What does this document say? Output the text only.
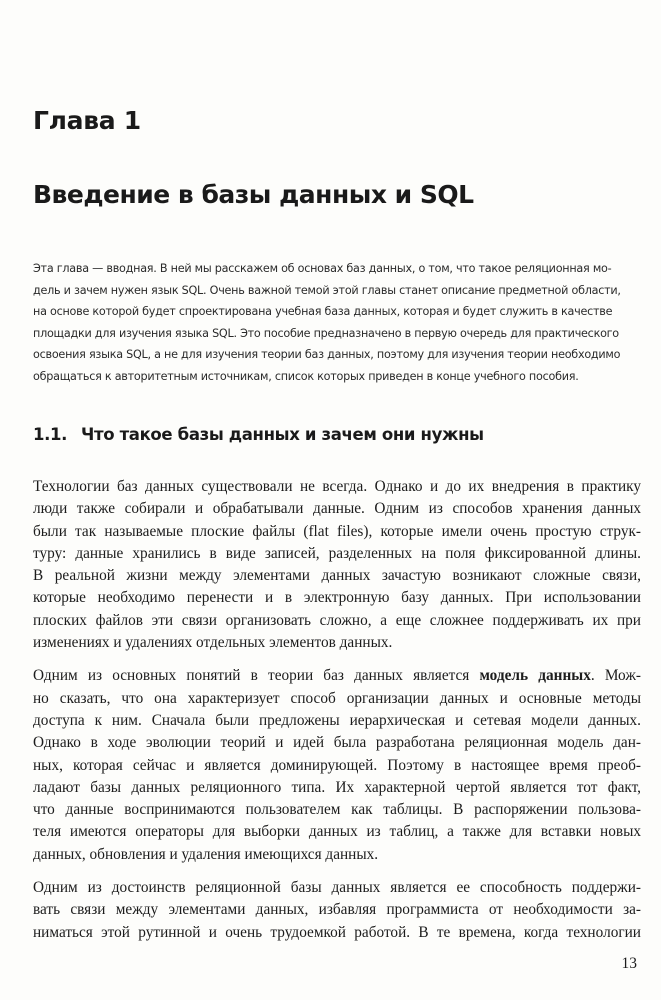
Глава 1
Введение в базы данных и SQL
Эта глава — вводная. В ней мы расскажем об основах баз данных, о том, что такое реляционная мо-
дель и зачем нужен язык SQL. Очень важной темой этой главы станет описание предметной области,
на основе которой будет спроектирована учебная база данных, которая и будет служить в качестве
площадки для изучения языка SQL. Это пособие предназначено в первую очередь для практического
освоения языка SQL, а не для изучения теории баз данных, поэтому для изучения теории необходимо
обращаться к авторитетным источникам, список которых приведен в конце учебного пособия.
1.1. Что такое базы данных и зачем они нужны

Технологии баз данных существовали не всегда. Однако и до их внедрения в практику
люди также собирали и обрабатывали данные. Одним из способов хранения данных
были так называемые плоские файлы (flat files), которые имели очень простую струк-
туру: данные хранились в виде записей, разделенных на поля фиксированной длины.
В реальной жизни между элементами данных зачастую возникают сложные связи,
которые необходимо перенести и в электронную базу данных. При использовании
плоских файлов эти связи организовать сложно, а еще сложнее поддерживать их при
изменениях и удалениях отдельных элементов данных.

Одним из основных понятий в теории баз данных является модель данных. Мож-
но сказать, что она характеризует способ организации данных и основные методы
доступа к ним. Сначала были предложены иерархическая и сетевая модели данных.
Однако в ходе эволюции теорий и идей была разработана реляционная модель дан-
ных, которая сейчас и является доминирующей. Поэтому в настоящее время преоб-
ладают базы данных реляционного типа. Их характерной чертой является тот факт,
что данные воспринимаются пользователем как таблицы. В распоряжении пользова-
теля имеются операторы для выборки данных из таблиц, а также для вставки новых
данных, обновления и удаления имеющихся данных.

Одним из достоинств реляционной базы данных является ее способность поддержи-
вать связи между элементами данных, избавляя программиста от необходимости за-
ниматься этой рутинной и очень трудоемкой работой. В те времена, когда технологии

13
